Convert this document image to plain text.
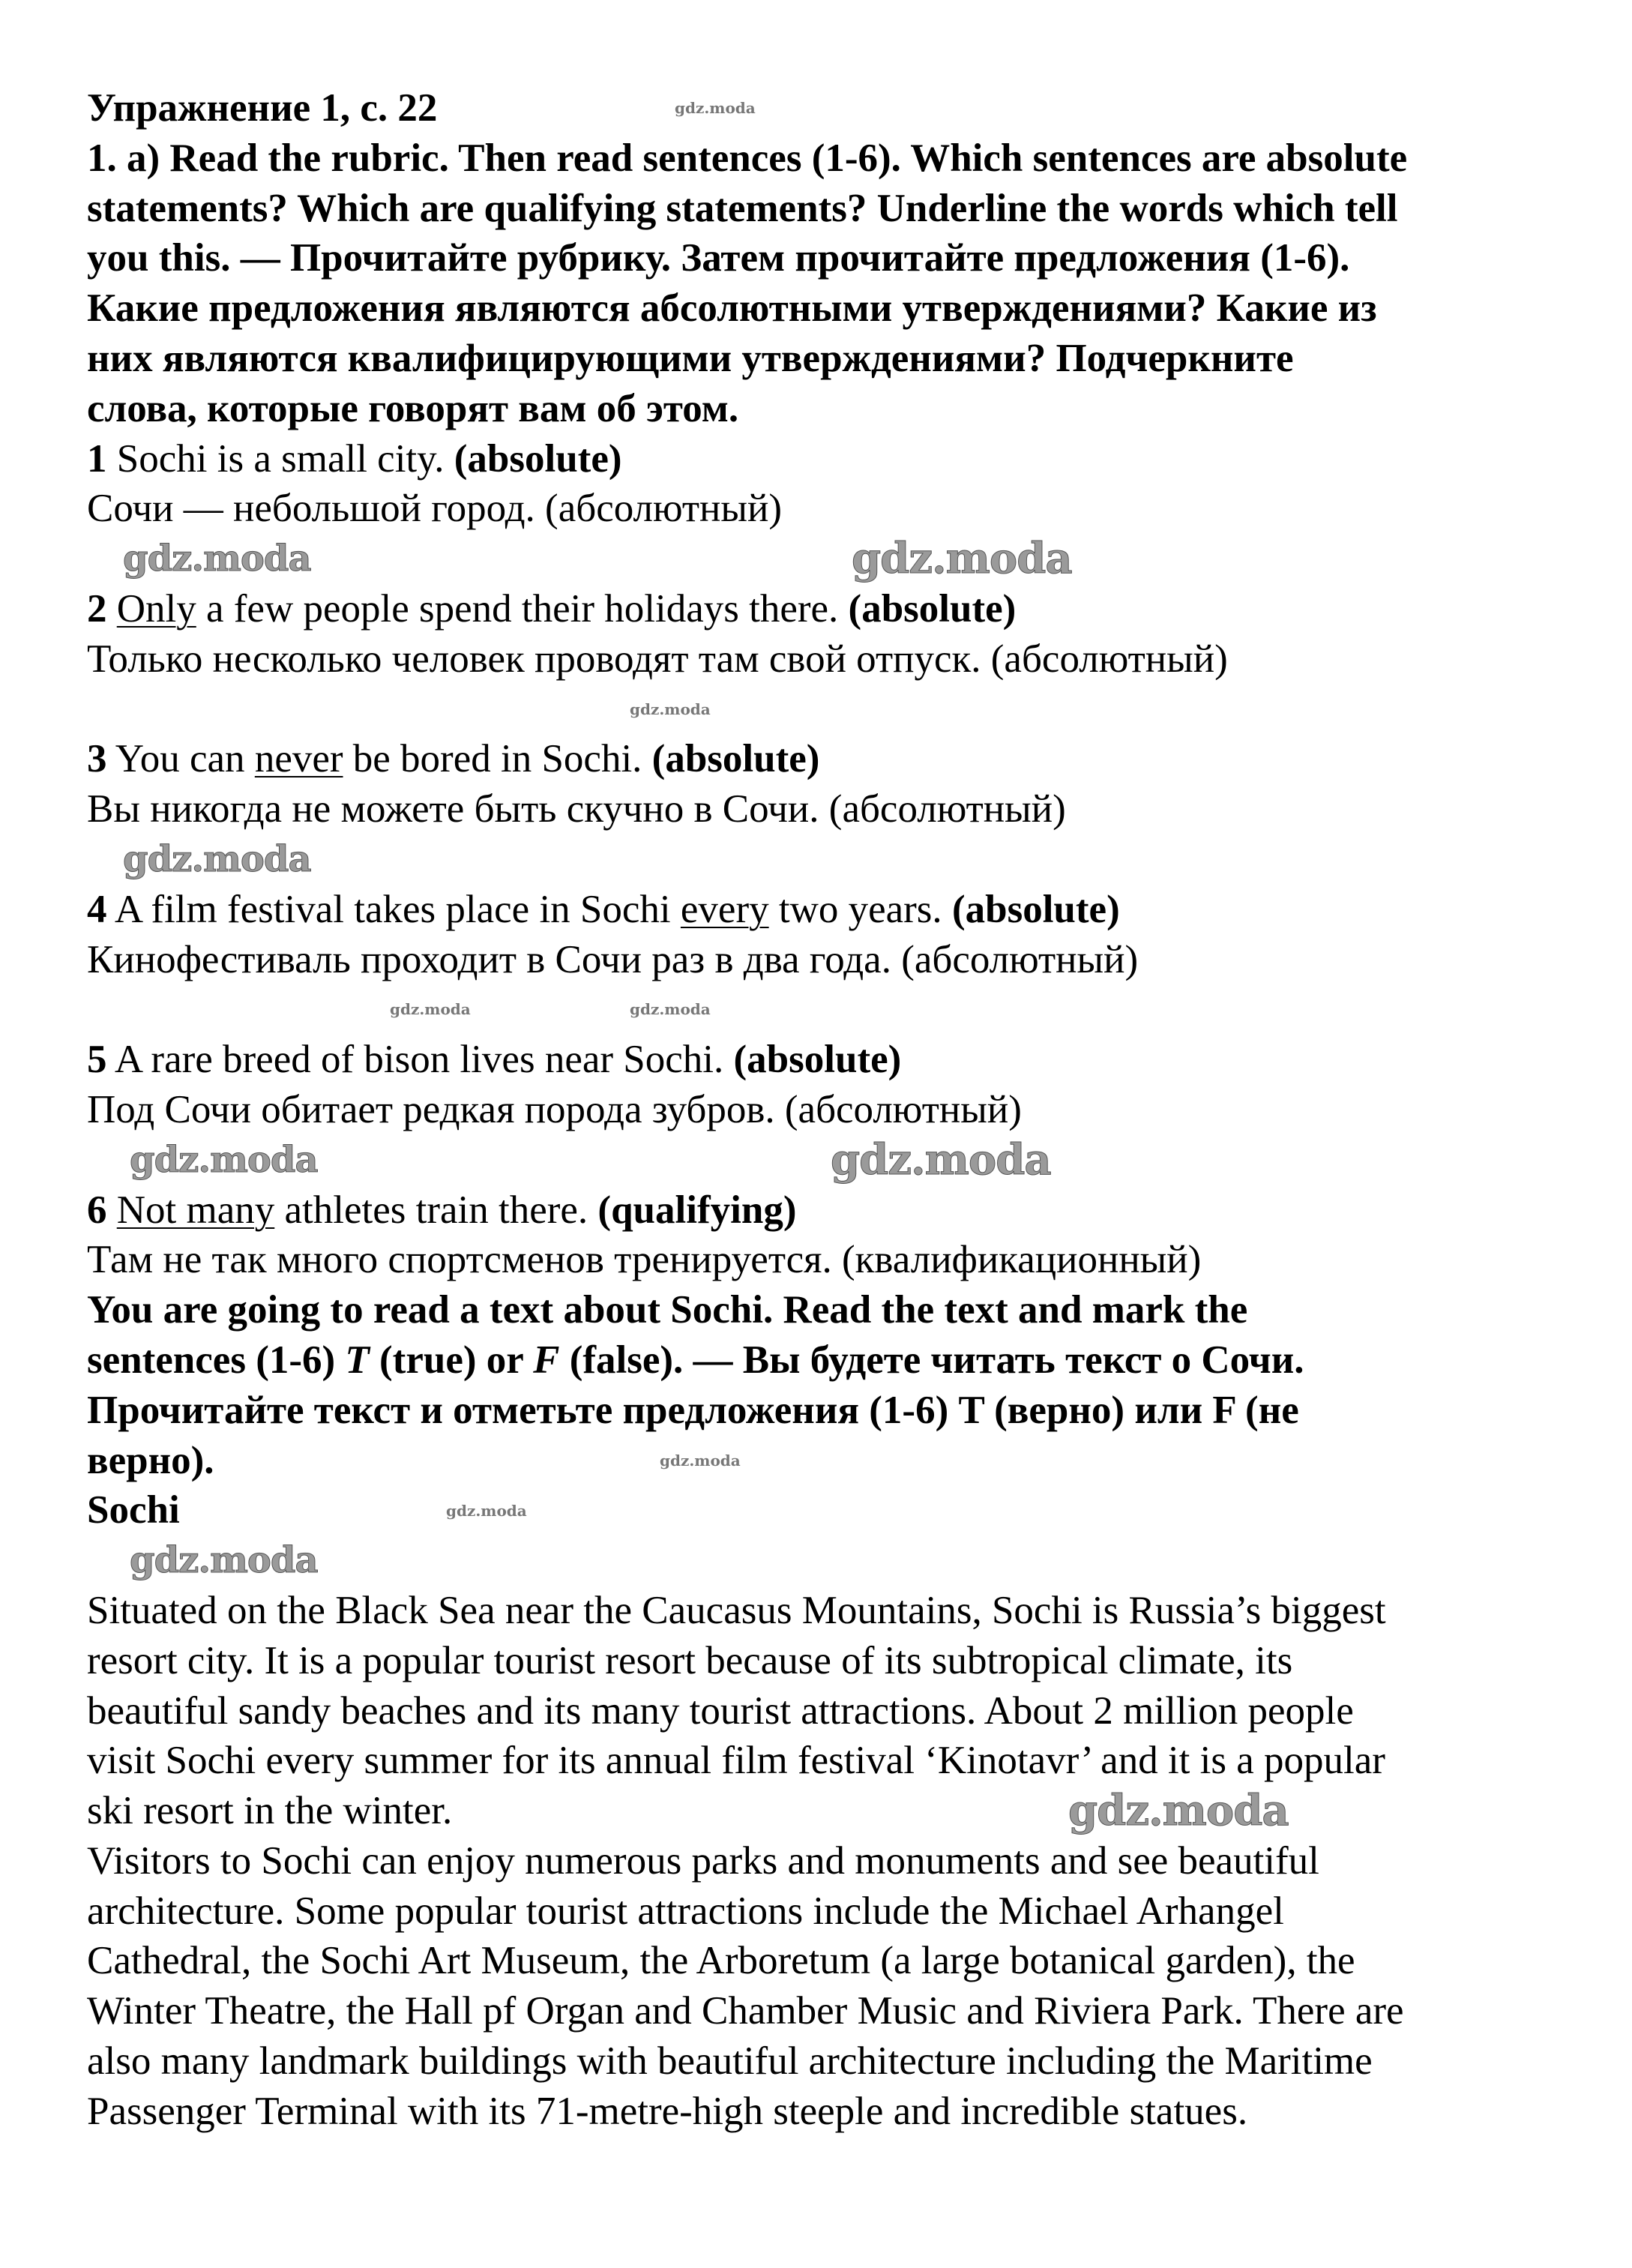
Упражнение 1, с. 22
1. a) Read the rubric. Then read sentences (1-6). Which sentences are absolute
statements? Which are qualifying statements? Underline the words which tell
you this. — Прочитайте рубрику. Затем прочитайте предложения (1-6).
Какие предложения являются абсолютными утверждениями? Какие из
них являются квалифицирующими утверждениями? Подчеркните
слова, которые говорят вам об этом.
1 Sochi is a small city. (absolute)
Сочи — небольшой город. (абсолютный)
2 Only a few people spend their holidays there. (absolute)
Только несколько человек проводят там свой отпуск. (абсолютный)
3 You can never be bored in Sochi. (absolute)
Вы никогда не можете быть скучно в Сочи. (абсолютный)
4 A film festival takes place in Sochi every two years. (absolute)
Кинофестиваль проходит в Сочи раз в два года. (абсолютный)
5 A rare breed of bison lives near Sochi. (absolute)
Под Сочи обитает редкая порода зубров. (абсолютный)
6 Not many athletes train there. (qualifying)
Там не так много спортсменов тренируется. (квалификационный)
You are going to read a text about Sochi. Read the text and mark the
sentences (1-6) T (true) or F (false). — Вы будете читать текст о Сочи.
Прочитайте текст и отметьте предложения (1-6) T (верно) или F (не
верно).
Sochi
Situated on the Black Sea near the Caucasus Mountains, Sochi is Russia’s biggest
resort city. It is a popular tourist resort because of its subtropical climate, its
beautiful sandy beaches and its many tourist attractions. About 2 million people
visit Sochi every summer for its annual film festival ‘Kinotavr’ and it is a popular
ski resort in the winter.
Visitors to Sochi can enjoy numerous parks and monuments and see beautiful
architecture. Some popular tourist attractions include the Michael Arhangel
Cathedral, the Sochi Art Museum, the Arboretum (a large botanical garden), the
Winter Theatre, the Hall pf Organ and Chamber Music and Riviera Park. There are
also many landmark buildings with beautiful architecture including the Maritime
Passenger Terminal with its 71-metre-high steeple and incredible statues.
gdz.moda
gdz.moda
gdz.moda
gdz.moda
gdz.moda
gdz.moda
gdz.moda
gdz.moda
gdz.moda
gdz.moda	gdz.moda
gdz.moda
gdz.moda
